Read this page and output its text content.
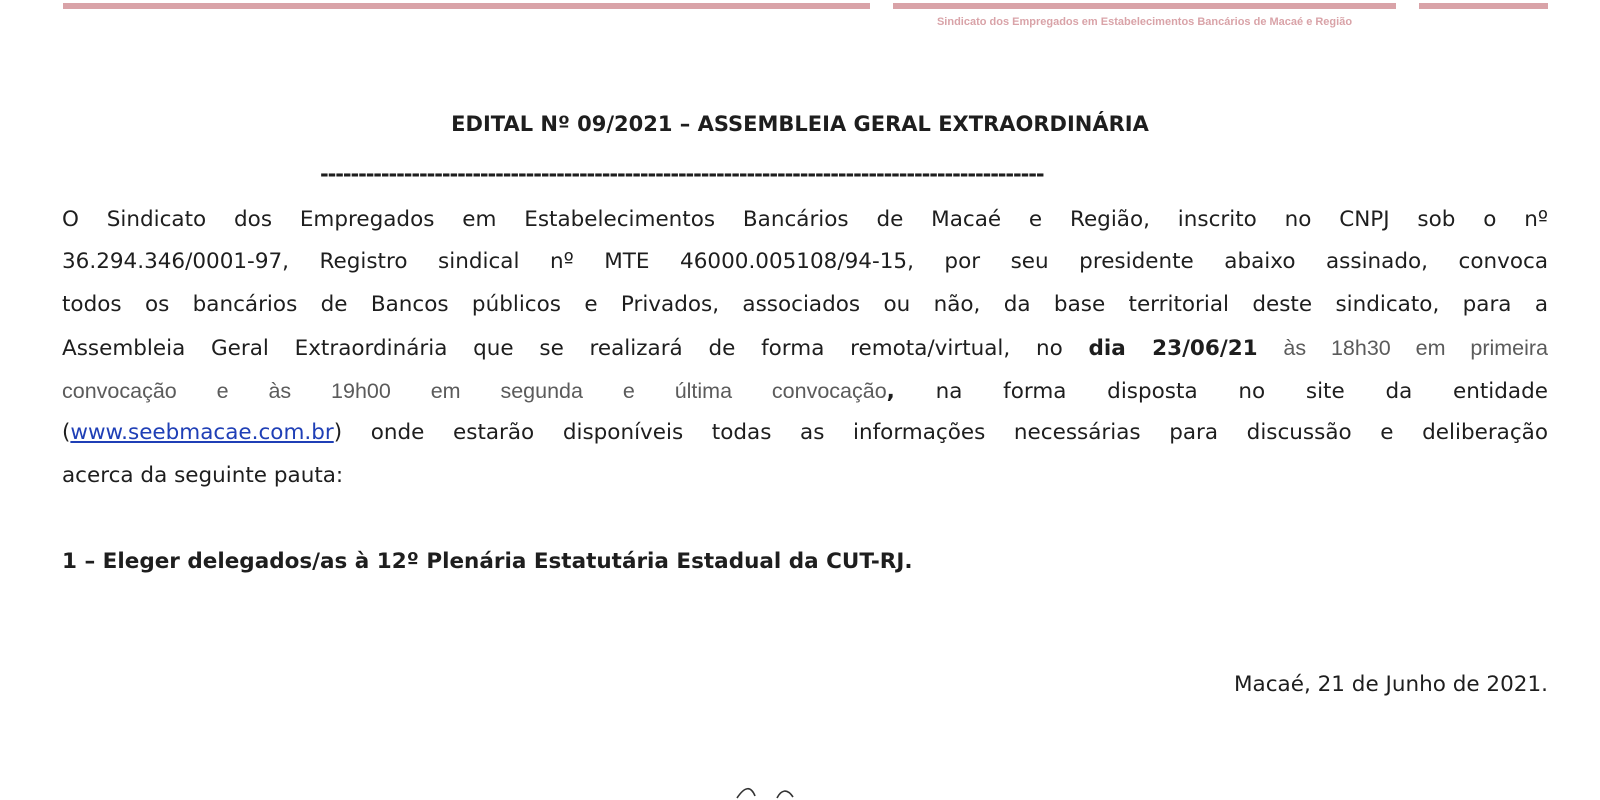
Sindicato dos Empregados em Estabelecimentos Bancários de Macaé e Região
EDITAL Nº 09/2021 – ASSEMBLEIA GERAL EXTRAORDINÁRIA
-----------------------------------------------------------------------------------------------
O Sindicato dos Empregados em Estabelecimentos Bancários de Macaé e Região, inscrito no CNPJ sob o nº
36.294.346/0001-97, Registro sindical nº MTE 46000.005108/94-15, por seu presidente abaixo assinado, convoca
todos os bancários de Bancos públicos e Privados, associados ou não, da base territorial deste sindicato, para a
Assembleia Geral Extraordinária que se realizará de forma remota/virtual, no dia 23/06/21 às 18h30 em primeira
convocação e às 19h00 em segunda e última convocação, na forma disposta no site da entidade
(www.seebmacae.com.br) onde estarão disponíveis todas as informações necessárias para discussão e deliberação
acerca da seguinte pauta:
1 – Eleger delegados/as à 12º Plenária Estatutária Estadual da CUT-RJ.
Macaé, 21 de Junho de 2021.
